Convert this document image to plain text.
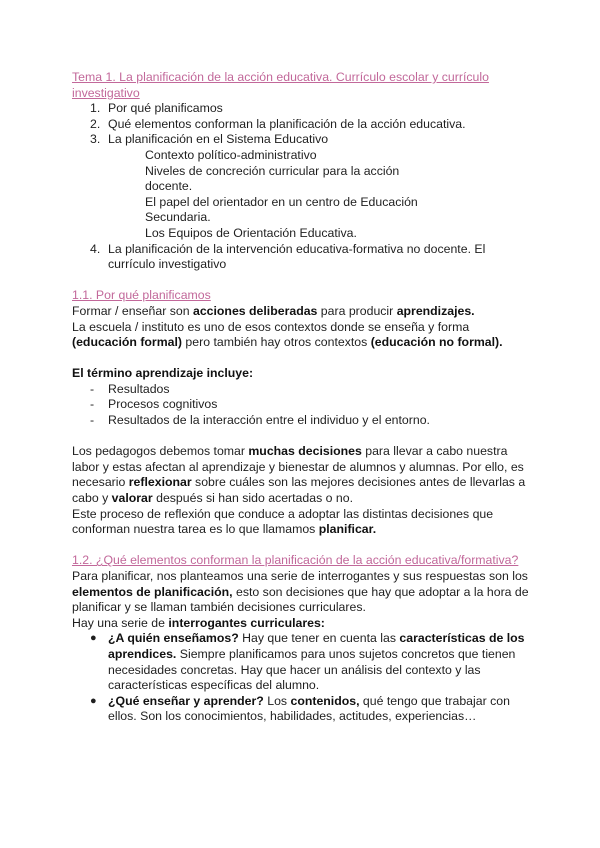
Tema 1. La planificación de la acción educativa. Currículo escolar y currículo
investigativo
1. Por qué planificamos
2. Qué elementos conforman la planificación de la acción educativa.
3. La planificación en el Sistema Educativo
Contexto político-administrativo
Niveles de concreción curricular para la acción
docente.
El papel del orientador en un centro de Educación
Secundaria.
Los Equipos de Orientación Educativa.
4. La planificación de la intervención educativa-formativa no docente. El
currículo investigativo
1.1. Por qué planificamos
Formar / enseñar son acciones deliberadas para producir aprendizajes.
La escuela / instituto es uno de esos contextos donde se enseña y forma
(educación formal) pero también hay otros contextos (educación no formal).
El término aprendizaje incluye:
- Resultados
- Procesos cognitivos
- Resultados de la interacción entre el individuo y el entorno.
Los pedagogos debemos tomar muchas decisiones para llevar a cabo nuestra
labor y estas afectan al aprendizaje y bienestar de alumnos y alumnas. Por ello, es
necesario reflexionar sobre cuáles son las mejores decisiones antes de llevarlas a
cabo y valorar después si han sido acertadas o no.
Este proceso de reflexión que conduce a adoptar las distintas decisiones que
conforman nuestra tarea es lo que llamamos planificar.
1.2. ¿Qué elementos conforman la planificación de la acción educativa/formativa?
Para planificar, nos planteamos una serie de interrogantes y sus respuestas son los
elementos de planificación, esto son decisiones que hay que adoptar a la hora de
planificar y se llaman también decisiones curriculares.
Hay una serie de interrogantes curriculares:
● ¿A quién enseñamos? Hay que tener en cuenta las características de los
aprendices. Siempre planificamos para unos sujetos concretos que tienen
necesidades concretas. Hay que hacer un análisis del contexto y las
características específicas del alumno.
● ¿Qué enseñar y aprender? Los contenidos, qué tengo que trabajar con
ellos. Son los conocimientos, habilidades, actitudes, experiencias…
